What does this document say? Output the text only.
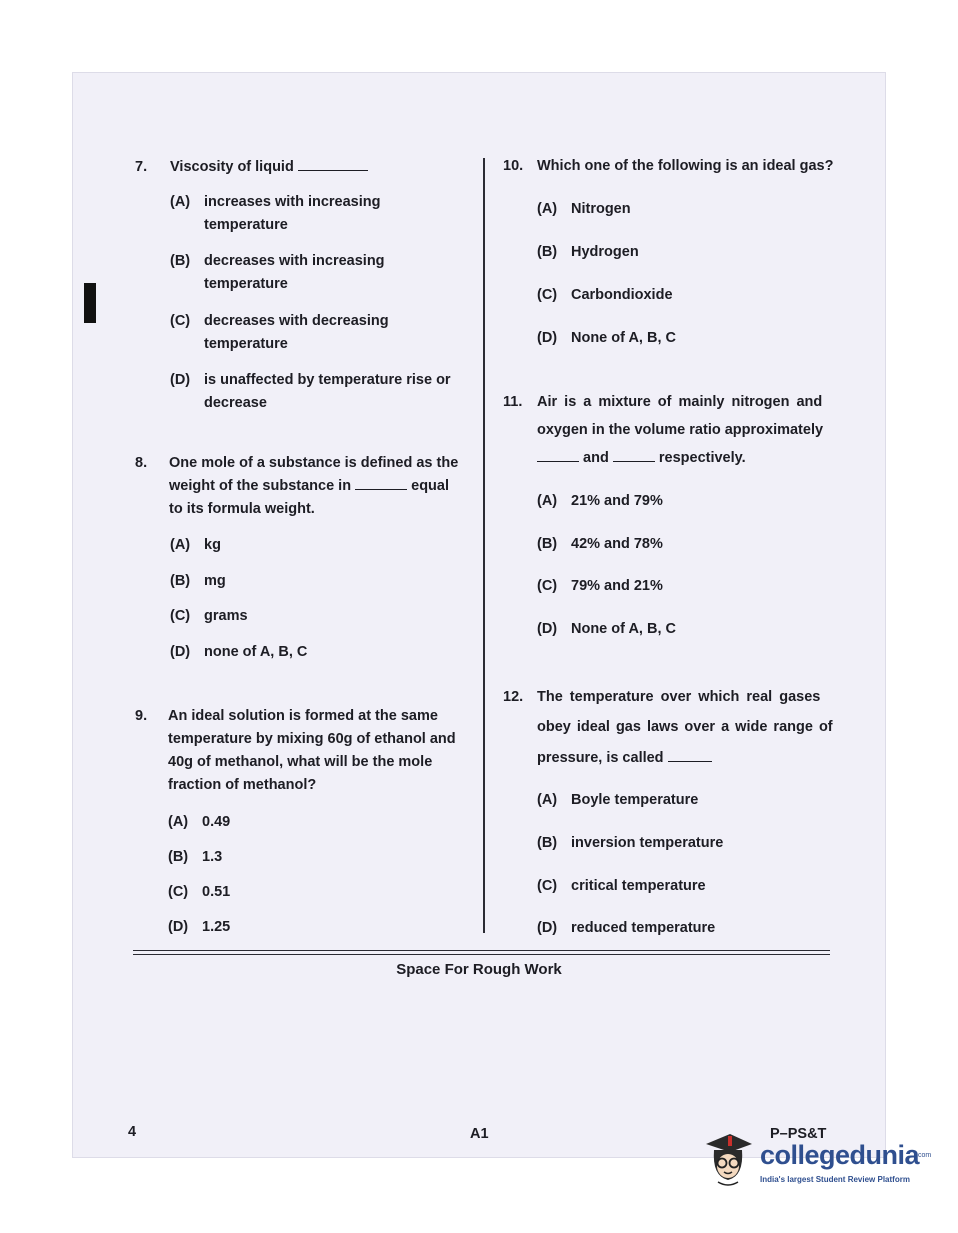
7. Viscosity of liquid
(A) increases with increasing
temperature
(B) decreases with increasing
temperature
(C) decreases with decreasing
temperature
(D) is unaffected by temperature rise or
decrease
8. One mole of a substance is defined as the
weight of the substance in	equal
to its formula weight.
(A) kg
(B) mg
(C) grams
(D) none of A, B, C
9. An ideal solution is formed at the same
temperature by mixing 60g of ethanol and
40g of methanol, what will be the mole
fraction of methanol?
(A) 0.49
(B) 1.3
(C) 0.51
(D) 1.25
10. Which one of the following is an ideal gas?
(A) Nitrogen
(B) Hydrogen
(C) Carbondioxide
(D) None of A, B, C
11. Air is a mixture of mainly nitrogen and
oxygen in the volume ratio approximately
and	respectively.
(A) 21% and 79%
(B) 42% and 78%
(C) 79% and 21%
(D) None of A, B, C
12. The temperature over which real gases
obey ideal gas laws over a wide range of
pressure, is called
(A) Boyle temperature
(B) inversion temperature
(C) critical temperature
(D) reduced temperature
Space For Rough Work
4	A1	P–PS&T
collegedunia
.com
India's largest Student Review Platform
